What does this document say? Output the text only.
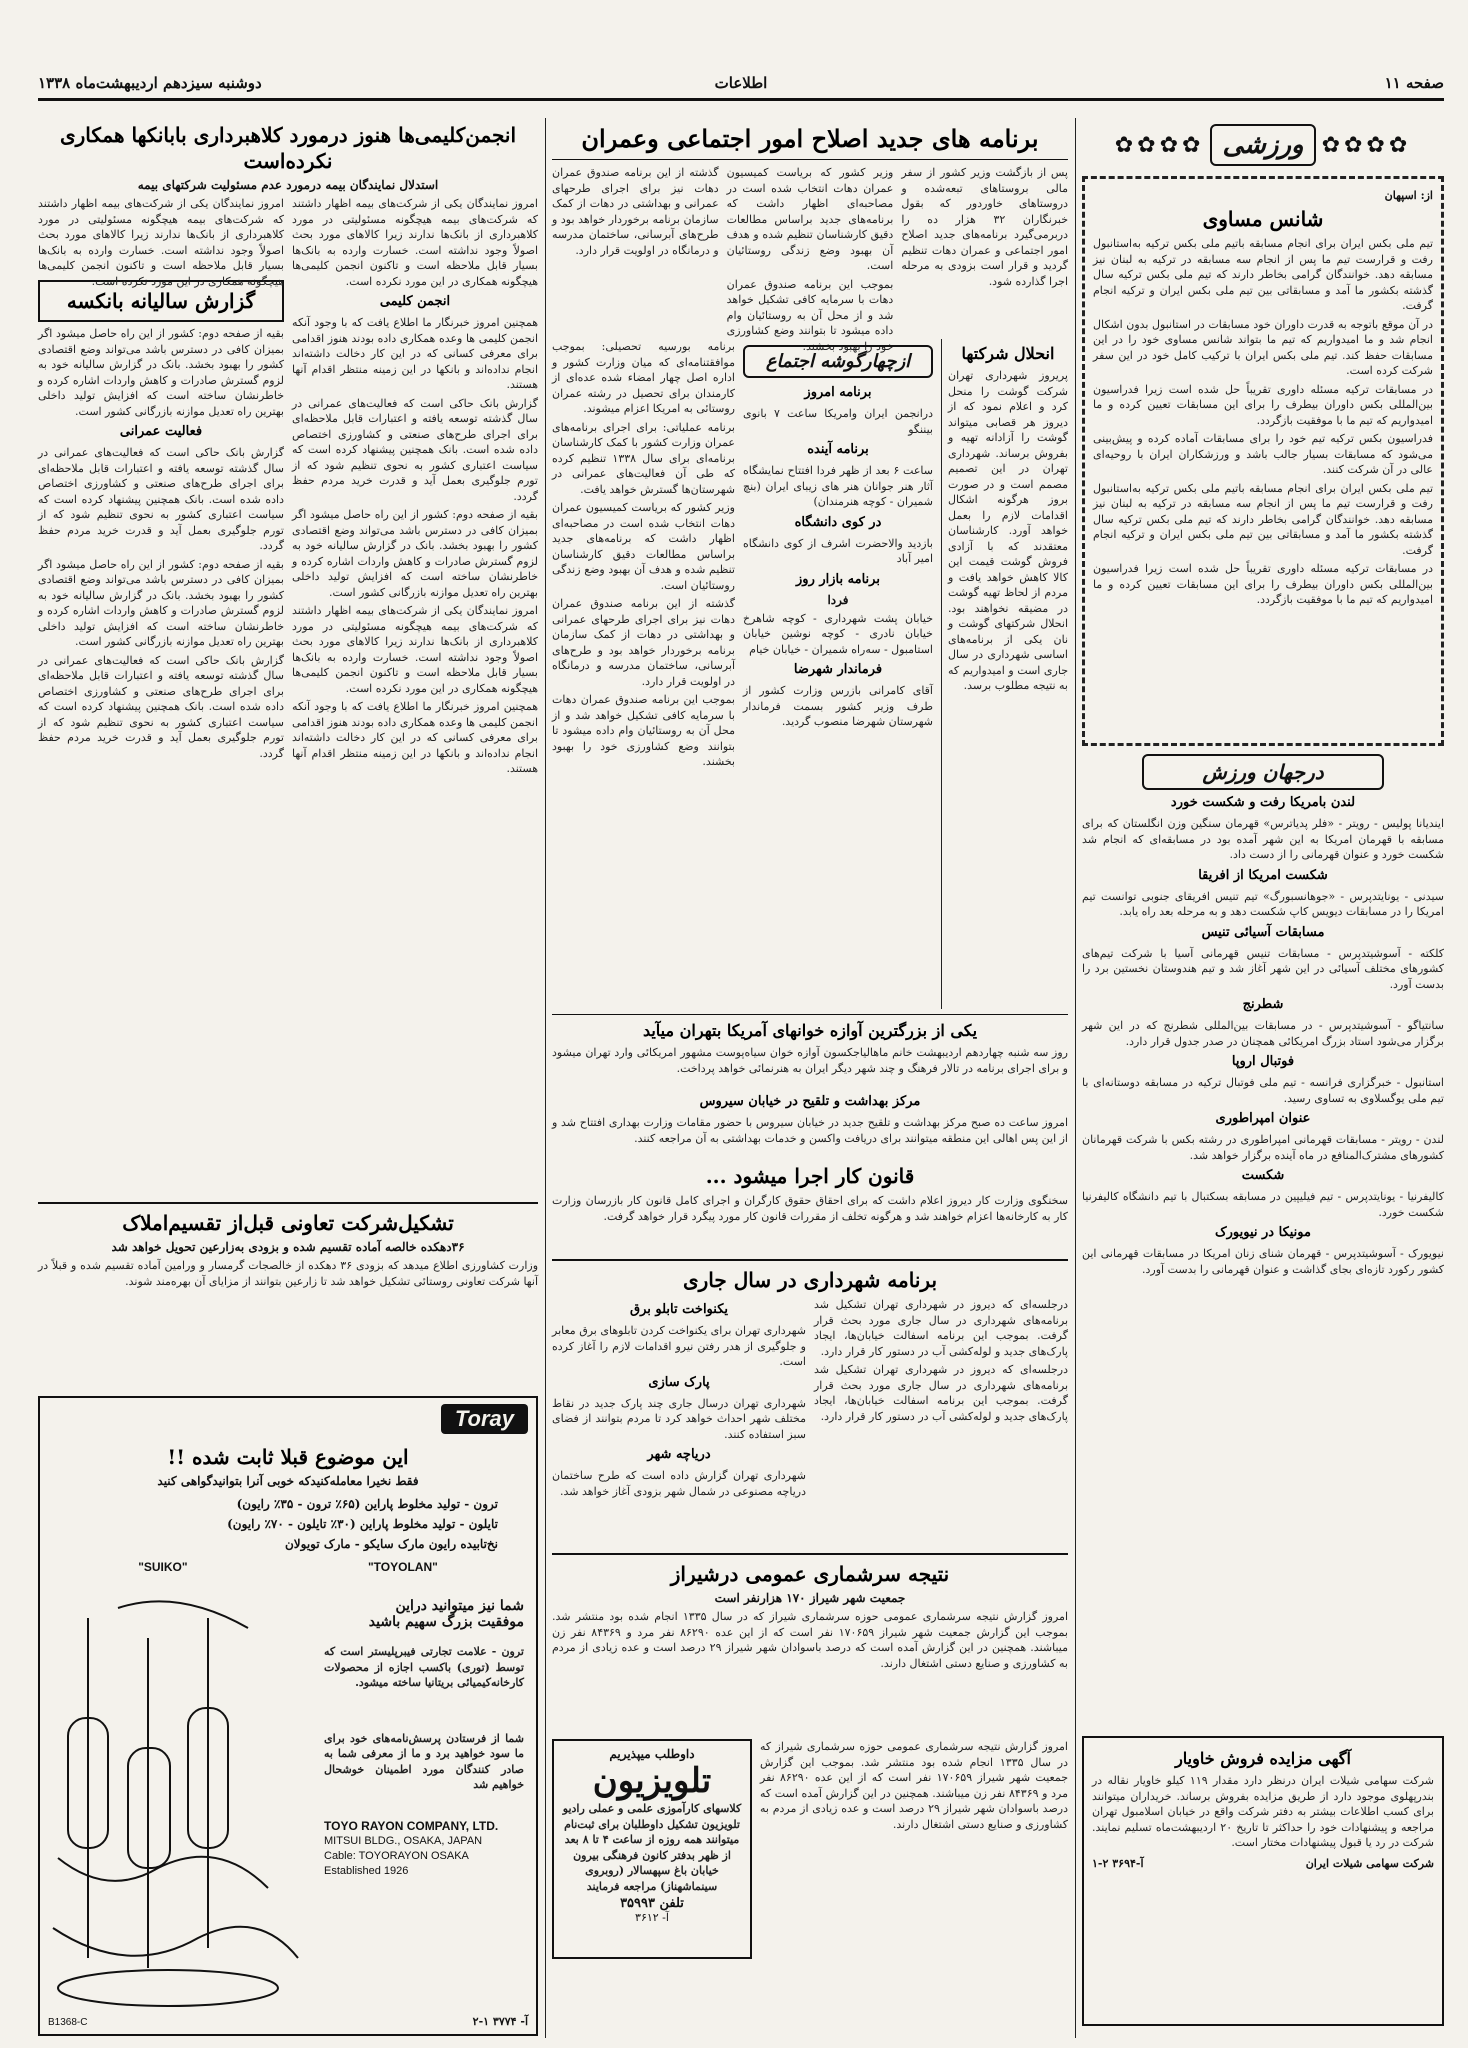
صفحه ۱۱
اطلاعات
دوشنبه سیزدهم اردیبهشت‌ماه ۱۳۳۸
✿✿✿✿
ورزشی
✿✿✿✿
از: اسپهان
شانس مساوی

تیم ملی بکس ایران برای انجام مسابقه باتیم ملی بکس ترکیه به‌استانبول رفت و قرارست تیم ما پس از انجام سه مسابقه در ترکیه به لبنان نیز مسابقه دهد. خوانندگان گرامی بخاطر دارند که تیم ملی بکس ترکیه سال گذشته بکشور ما آمد و مسابقاتی بین تیم ملی بکس ایران و ترکیه انجام گرفت.

در آن موقع باتوجه به قدرت داوران خود مسابقات در استانبول بدون اشکال انجام شد و ما امیدواریم که تیم ما بتواند شانس مساوی خود را در این مسابقات حفظ کند. تیم ملی بکس ایران با ترکیب کامل خود در این سفر شرکت کرده است.

در مسابقات ترکیه مسئله داوری تقریباً حل شده است زیرا فدراسیون بین‌المللی بکس داوران بیطرف را برای این مسابقات تعیین کرده و ما امیدواریم که تیم ما با موفقیت بازگردد.

فدراسیون بکس ترکیه تیم خود را برای مسابقات آماده کرده و پیش‌بینی می‌شود که مسابقات بسیار جالب باشد و ورزشکاران ایران با روحیه‌ای عالی در آن شرکت کنند.

تیم ملی بکس ایران برای انجام مسابقه باتیم ملی بکس ترکیه به‌استانبول رفت و قرارست تیم ما پس از انجام سه مسابقه در ترکیه به لبنان نیز مسابقه دهد. خوانندگان گرامی بخاطر دارند که تیم ملی بکس ترکیه سال گذشته بکشور ما آمد و مسابقاتی بین تیم ملی بکس ایران و ترکیه انجام گرفت.

در مسابقات ترکیه مسئله داوری تقریباً حل شده است زیرا فدراسیون بین‌المللی بکس داوران بیطرف را برای این مسابقات تعیین کرده و ما امیدواریم که تیم ما با موفقیت بازگردد.

درجهان ورزش
لندن بامریکا رفت و شکست خورد

ایندیانا پولیس - رویتر - «فلر پدیاترس» قهرمان سنگین وزن انگلستان که برای مسابقه با قهرمان امریکا به این شهر آمده بود در مسابقه‌ای که انجام شد شکست خورد و عنوان قهرمانی را از دست داد.

شکست امریکا از افریقا

سیدنی - یونایتدپرس - «جوهانسبورگ» تیم تنیس افریقای جنوبی توانست تیم امریکا را در مسابقات دیویس کاپ شکست دهد و به مرحله بعد راه یابد.

مسابقات آسیائی تنیس

کلکته - آسوشیتدپرس - مسابقات تنیس قهرمانی آسیا با شرکت تیم‌های کشورهای مختلف آسیائی در این شهر آغاز شد و تیم هندوستان نخستین برد را بدست آورد.

شطرنج

سانتیاگو - آسوشیتدپرس - در مسابقات بین‌المللی شطرنج که در این شهر برگزار می‌شود استاد بزرگ امریکائی همچنان در صدر جدول قرار دارد.

فوتبال اروپا

استانبول - خبرگزاری فرانسه - تیم ملی فوتبال ترکیه در مسابقه دوستانه‌ای با تیم ملی یوگسلاوی به تساوی رسید.

عنوان امپراطوری

لندن - رویتر - مسابقات قهرمانی امپراطوری در رشته بکس با شرکت قهرمانان کشورهای مشترک‌المنافع در ماه آینده برگزار خواهد شد.

شکست

کالیفرنیا - یونایتدپرس - تیم فیلیپین در مسابقه بسکتبال با تیم دانشگاه کالیفرنیا شکست خورد.

مونیکا در نیویورک

نیویورک - آسوشیتدپرس - قهرمان شنای زنان امریکا در مسابقات قهرمانی این کشور رکورد تازه‌ای بجای گذاشت و عنوان قهرمانی را بدست آورد.

آگهی مزایده فروش خاویار
شرکت سهامی شیلات ایران درنظر دارد مقدار ۱۱۹ کیلو خاویار نقاله در بندرپهلوی موجود دارد از طریق مزایده بفروش برساند. خریداران میتوانند برای کسب اطلاعات بیشتر به دفتر شرکت واقع در خیابان اسلامبول تهران مراجعه و پیشنهادات خود را حداکثر تا تاریخ ۲۰ اردیبهشت‌ماه تسلیم نمایند. شرکت در رد یا قبول پیشنهادات مختار است.
شرکت سهامی شیلات ایران
آ-۳۶۹۴ ۲-۱
برنامه های جدید اصلاح امور اجتماعی وعمران

پس از بازگشت وزیر کشور از سفر مالی بروستاهای تبعه‌شده و دروستاهای خاوردور که بقول خبرنگاران ۳۲ هزار ده را دربرمی‌گیرد برنامه‌های جدید اصلاح امور اجتماعی و عمران دهات تنظیم گردید و قرار است بزودی به مرحله اجرا گذارده شود.

وزیر کشور که بریاست کمیسیون عمران دهات انتخاب شده است در مصاحبه‌ای اظهار داشت که برنامه‌های جدید براساس مطالعات دقیق کارشناسان تنظیم شده و هدف آن بهبود وضع زندگی روستائیان است.

بموجب این برنامه صندوق عمران دهات با سرمایه کافی تشکیل خواهد شد و از محل آن به روستائیان وام داده میشود تا بتوانند وضع کشاورزی خود را بهبود بخشند.

گذشته از این برنامه صندوق عمران دهات نیز برای اجرای طرحهای عمرانی و بهداشتی در دهات از کمک سازمان برنامه برخوردار خواهد بود و طرح‌های آبرسانی، ساختمان مدرسه و درمانگاه در اولویت قرار دارد.

انحلال شرکتها
پریروز شهرداری تهران شرکت گوشت را منحل کرد و اعلام نمود که از دیروز هر قصابی میتواند گوشت را آزادانه تهیه و بفروش برساند. شهرداری تهران در این تصمیم مصمم است و در صورت بروز هرگونه اشکال اقدامات لازم را بعمل خواهد آورد. کارشناسان معتقدند که با آزادی فروش گوشت قیمت این کالا کاهش خواهد یافت و مردم از لحاظ تهیه گوشت در مضیقه نخواهند بود. انحلال شرکتهای گوشت و نان یکی از برنامه‌های اساسی شهرداری در سال جاری است و امیدواریم که به نتیجه مطلوب برسد.
ازچهارگوشه اجتماع
برنامه امروز
درانجمن ایران وامریکا ساعت ۷ بانوی بیننگو
برنامه آینده
ساعت ۶ بعد از ظهر فردا افتتاح نمایشگاه آثار هنر جوانان هنر های زیبای ایران (بنچ شمیران - کوچه هنرمندان)
در کوی دانشگاه
بازدید والاحضرت اشرف از کوی دانشگاه امیر آباد
برنامه بازار روز
فردا
خیابان پشت شهرداری - کوچه شاهرخ خیابان نادری - کوچه نوشین خیابان استامبول - سه‌راه شمیران - خیابان خیام
فرماندار شهرضا
آقای کامرانی بازرس وزارت کشور از طرف وزیر کشور بسمت فرماندار شهرستان شهرضا منصوب گردید.

برنامه بورسیه تحصیلی: بموجب موافقتنامه‌ای که میان وزارت کشور و اداره اصل چهار امضاء شده عده‌ای از کارمندان برای تحصیل در رشته عمران روستائی به امریکا اعزام میشوند.

برنامه عملیاتی: برای اجرای برنامه‌های عمران وزارت کشور با کمک کارشناسان برنامه‌ای برای سال ۱۳۳۸ تنظیم کرده که طی آن فعالیت‌های عمرانی در شهرستان‌ها گسترش خواهد یافت.

وزیر کشور که بریاست کمیسیون عمران دهات انتخاب شده است در مصاحبه‌ای اظهار داشت که برنامه‌های جدید براساس مطالعات دقیق کارشناسان تنظیم شده و هدف آن بهبود وضع زندگی روستائیان است.

گذشته از این برنامه صندوق عمران دهات نیز برای اجرای طرحهای عمرانی و بهداشتی در دهات از کمک سازمان برنامه برخوردار خواهد بود و طرح‌های آبرسانی، ساختمان مدرسه و درمانگاه در اولویت قرار دارد.

بموجب این برنامه صندوق عمران دهات با سرمایه کافی تشکیل خواهد شد و از محل آن به روستائیان وام داده میشود تا بتوانند وضع کشاورزی خود را بهبود بخشند.

یکی از بزرگترین آوازه خوانهای آمریکا بتهران میآید
روز سه شنبه چهاردهم اردیبهشت خانم ماهالیاجکسون آوازه خوان سیاه‌پوست مشهور امریکائی وارد تهران میشود و برای اجرای برنامه در تالار فرهنگ و چند شهر دیگر ایران به هنرنمائی خواهد پرداخت.
مرکز بهداشت و تلقیح در خیابان سیروس
امروز ساعت ده صبح مرکز بهداشت و تلقیح جدید در خیابان سیروس با حضور مقامات وزارت بهداری افتتاح شد و از این پس اهالی این منطقه میتوانند برای دریافت واکسن و خدمات بهداشتی به آن مراجعه کنند.
قانون کار اجرا میشود ...
سخنگوی وزارت کار دیروز اعلام داشت که برای احقاق حقوق کارگران و اجرای کامل قانون کار بازرسان وزارت کار به کارخانه‌ها اعزام خواهند شد و هرگونه تخلف از مقررات قانون کار مورد پیگرد قرار خواهد گرفت.
برنامه شهرداری در سال جاری

درجلسه‌ای که دیروز در شهرداری تهران تشکیل شد برنامه‌های شهرداری در سال جاری مورد بحث قرار گرفت. بموجب این برنامه اسفالت خیابان‌ها، ایجاد پارک‌های جدید و لوله‌کشی آب در دستور کار قرار دارد.

درجلسه‌ای که دیروز در شهرداری تهران تشکیل شد برنامه‌های شهرداری در سال جاری مورد بحث قرار گرفت. بموجب این برنامه اسفالت خیابان‌ها، ایجاد پارک‌های جدید و لوله‌کشی آب در دستور کار قرار دارد.

یکنواخت تابلو برق

شهرداری تهران برای یکنواخت کردن تابلوهای برق معابر و جلوگیری از هدر رفتن نیرو اقدامات لازم را آغاز کرده است.

پارک سازی

شهرداری تهران درسال جاری چند پارک جدید در نقاط مختلف شهر احداث خواهد کرد تا مردم بتوانند از فضای سبز استفاده کنند.

دریاچه شهر

شهرداری تهران گزارش داده است که طرح ساختمان دریاچه مصنوعی در شمال شهر بزودی آغاز خواهد شد.

نتیجه سرشماری عمومی درشیراز
جمعیت شهر شیراز ۱۷۰ هزارنفر است
امروز گزارش نتیجه سرشماری عمومی حوزه سرشماری شیراز که در سال ۱۳۳۵ انجام شده بود منتشر شد. بموجب این گزارش جمعیت شهر شیراز ۱۷۰۶۵۹ نفر است که از این عده ۸۶۲۹۰ نفر مرد و ۸۴۳۶۹ نفر زن میباشند. همچنین در این گزارش آمده است که درصد باسوادان شهر شیراز ۲۹ درصد است و عده زیادی از مردم به کشاورزی و صنایع دستی اشتغال دارند.

امروز گزارش نتیجه سرشماری عمومی حوزه سرشماری شیراز که در سال ۱۳۳۵ انجام شده بود منتشر شد. بموجب این گزارش جمعیت شهر شیراز ۱۷۰۶۵۹ نفر است که از این عده ۸۶۲۹۰ نفر مرد و ۸۴۳۶۹ نفر زن میباشند. همچنین در این گزارش آمده است که درصد باسوادان شهر شیراز ۲۹ درصد است و عده زیادی از مردم به کشاورزی و صنایع دستی اشتغال دارند.

داوطلب میپذیریم
تلویزیون
کلاسهای کارآموزی علمی و عملی رادیو تلویزیون تشکیل داوطلبان برای ثبت‌نام میتوانند همه روزه از ساعت ۴ تا ۸ بعد از ظهر بدفتر کانون فرهنگی بیرون خیابان باغ سپهسالار (روبروی سینماشهناز) مراجعه فرمایند
تلفن ۳۵۹۹۳
آ- ۳۶۱۲
انجمن‌کلیمی‌ها هنوز درمورد کلاهبرداری بابانکها همکاری نکرده‌است
استدلال نمایندگان بیمه درمورد عدم مسئولیت شرکتهای بیمه

امروز نمایندگان یکی از شرکت‌های بیمه اظهار داشتند که شرکت‌های بیمه هیچگونه مسئولیتی در مورد کلاهبرداری از بانک‌ها ندارند زیرا کالاهای مورد بحث اصولاً وجود نداشته است. خسارت وارده به بانک‌ها بسیار قابل ملاحظه است و تاکنون انجمن کلیمی‌ها هیچگونه همکاری در این مورد نکرده است.

انجمن کلیمی

همچنین امروز خبرنگار ما اطلاع یافت که با وجود آنکه انجمن کلیمی ها وعده همکاری داده بودند هنوز اقدامی برای معرفی کسانی که در این کار دخالت داشته‌اند انجام نداده‌اند و بانکها در این زمینه منتظر اقدام آنها هستند.

گزارش بانک حاکی است که فعالیت‌های عمرانی در سال گذشته توسعه یافته و اعتبارات قابل ملاحظه‌ای برای اجرای طرح‌های صنعتی و کشاورزی اختصاص داده شده است. بانک همچنین پیشنهاد کرده است که سیاست اعتباری کشور به نحوی تنظیم شود که از تورم جلوگیری بعمل آید و قدرت خرید مردم حفظ گردد.

بقیه از صفحه دوم: کشور از این راه حاصل میشود اگر بمیزان کافی در دسترس باشد می‌تواند وضع اقتصادی کشور را بهبود بخشد. بانک در گزارش سالیانه خود به لزوم گسترش صادرات و کاهش واردات اشاره کرده و خاطرنشان ساخته است که افزایش تولید داخلی بهترین راه تعدیل موازنه بازرگانی کشور است.

امروز نمایندگان یکی از شرکت‌های بیمه اظهار داشتند که شرکت‌های بیمه هیچگونه مسئولیتی در مورد کلاهبرداری از بانک‌ها ندارند زیرا کالاهای مورد بحث اصولاً وجود نداشته است. خسارت وارده به بانک‌ها بسیار قابل ملاحظه است و تاکنون انجمن کلیمی‌ها هیچگونه همکاری در این مورد نکرده است.

همچنین امروز خبرنگار ما اطلاع یافت که با وجود آنکه انجمن کلیمی ها وعده همکاری داده بودند هنوز اقدامی برای معرفی کسانی که در این کار دخالت داشته‌اند انجام نداده‌اند و بانکها در این زمینه منتظر اقدام آنها هستند.

امروز نمایندگان یکی از شرکت‌های بیمه اظهار داشتند که شرکت‌های بیمه هیچگونه مسئولیتی در مورد کلاهبرداری از بانک‌ها ندارند زیرا کالاهای مورد بحث اصولاً وجود نداشته است. خسارت وارده به بانک‌ها بسیار قابل ملاحظه است و تاکنون انجمن کلیمی‌ها هیچگونه همکاری در این مورد نکرده است.

گزارش سالیانه بانکسه

بقیه از صفحه دوم: کشور از این راه حاصل میشود اگر بمیزان کافی در دسترس باشد می‌تواند وضع اقتصادی کشور را بهبود بخشد. بانک در گزارش سالیانه خود به لزوم گسترش صادرات و کاهش واردات اشاره کرده و خاطرنشان ساخته است که افزایش تولید داخلی بهترین راه تعدیل موازنه بازرگانی کشور است.

فعالیت عمرانی

گزارش بانک حاکی است که فعالیت‌های عمرانی در سال گذشته توسعه یافته و اعتبارات قابل ملاحظه‌ای برای اجرای طرح‌های صنعتی و کشاورزی اختصاص داده شده است. بانک همچنین پیشنهاد کرده است که سیاست اعتباری کشور به نحوی تنظیم شود که از تورم جلوگیری بعمل آید و قدرت خرید مردم حفظ گردد.

بقیه از صفحه دوم: کشور از این راه حاصل میشود اگر بمیزان کافی در دسترس باشد می‌تواند وضع اقتصادی کشور را بهبود بخشد. بانک در گزارش سالیانه خود به لزوم گسترش صادرات و کاهش واردات اشاره کرده و خاطرنشان ساخته است که افزایش تولید داخلی بهترین راه تعدیل موازنه بازرگانی کشور است.

گزارش بانک حاکی است که فعالیت‌های عمرانی در سال گذشته توسعه یافته و اعتبارات قابل ملاحظه‌ای برای اجرای طرح‌های صنعتی و کشاورزی اختصاص داده شده است. بانک همچنین پیشنهاد کرده است که سیاست اعتباری کشور به نحوی تنظیم شود که از تورم جلوگیری بعمل آید و قدرت خرید مردم حفظ گردد.

تشکیل‌شرکت تعاونی قبل‌از تقسیم‌املاک
۳۶دهکده خالصه آماده تقسیم شده و بزودی به‌زارعین تحویل خواهد شد
وزارت کشاورزی اطلاع میدهد که بزودی ۳۶ دهکده از خالصجات گرمسار و ورامین آماده تقسیم شده و قبلاً در آنها شرکت تعاونی روستائی تشکیل خواهد شد تا زارعین بتوانند از مزایای آن بهره‌مند شوند.
Toray
این موضوع قبلا ثابت شده !!
فقط نخیرا معامله‌کنیدکه خوبی آنرا بتوانیدگواهی کنید
ترون - تولید مخلوط پاراین (۶۵٪ ترون - ۳۵٪ رایون)
تایلون - تولید مخلوط پاراین (۳۰٪ تایلون - ۷۰٪ رایون)
نخ‌تابیده رایون مارک سایکو - مارک تویولان
"SUIKO"	"TOYOLAN"
شما نیز میتوانید دراین
موفقیت بزرگ سهیم باشید
ترون - علامت تجارتی فیبرپلیستر است که توسط (توری) باکسب اجازه از محصولات کارخانه‌کیمیائی بریتانیا ساخته میشود.
شما از فرستادن پرسش‌نامه‌های خود برای ما سود خواهید برد و ما از معرفی شما به صادر کنندگان مورد اطمینان خوشحال خواهیم شد
TOYO RAYON COMPANY, LTD.
MITSUI BLDG., OSAKA, JAPAN
Cable: TOYORAYON OSAKA
Established 1926
B1368-C	آ- ۳۷۷۴ ۱-۲
